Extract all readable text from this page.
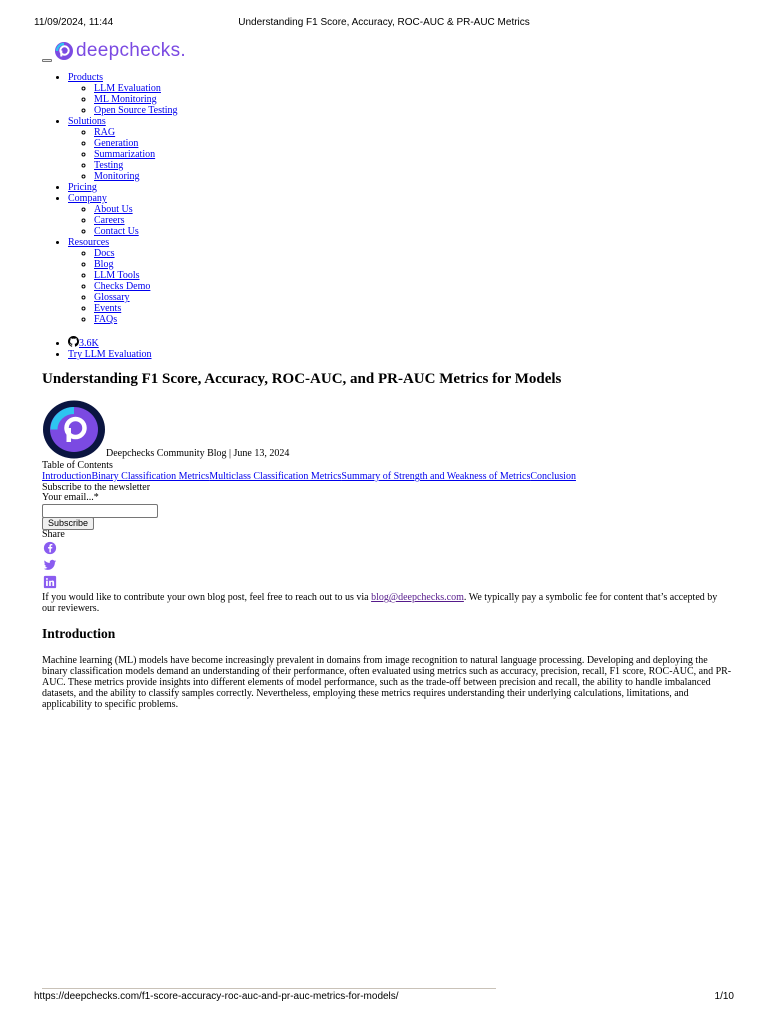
11/09/2024, 11:44	Understanding F1 Score, Accuracy, ROC-AUC & PR-AUC Metrics
deepchecks.
• Products
◦ LLM Evaluation
◦ ML Monitoring
◦ Open Source Testing
• Solutions
◦ RAG
◦ Generation
◦ Summarization
◦ Testing
◦ Monitoring
• Pricing
• Company
◦ About Us
◦ Careers
◦ Contact Us
• Resources
◦ Docs
◦ Blog
◦ LLM Tools
◦ Checks Demo
◦ Glossary
◦ Events
◦ FAQs
• 3.6K
• Try LLM Evaluation
Understanding F1 Score, Accuracy, ROC-AUC, and PR-AUC Metrics for Models
Deepchecks Community Blog | June 13, 2024
Table of Contents
IntroductionBinary Classification MetricsMulticlass Classification MetricsSummary of Strength and Weakness of MetricsConclusion
Subscribe to the newsletter
Your email...*
Subscribe
Share
If you would like to contribute your own blog post, feel free to reach out to us via blog@deepchecks.com. We typically pay a symbolic fee for content that’s accepted by our reviewers.
Introduction

Machine learning (ML) models have become increasingly prevalent in domains from image recognition to natural language processing. Developing and deploying the binary classification models demand an understanding of their performance, often evaluated using metrics such as accuracy, precision, recall, F1 score, ROC-AUC, and PR-AUC. These metrics provide insights into different elements of model performance, such as the trade-off between precision and recall, the ability to handle imbalanced datasets, and the ability to classify samples correctly. Nevertheless, employing these metrics requires understanding their underlying calculations, limitations, and applicability to specific problems.

https://deepchecks.com/f1-score-accuracy-roc-auc-and-pr-auc-metrics-for-models/	1/10
